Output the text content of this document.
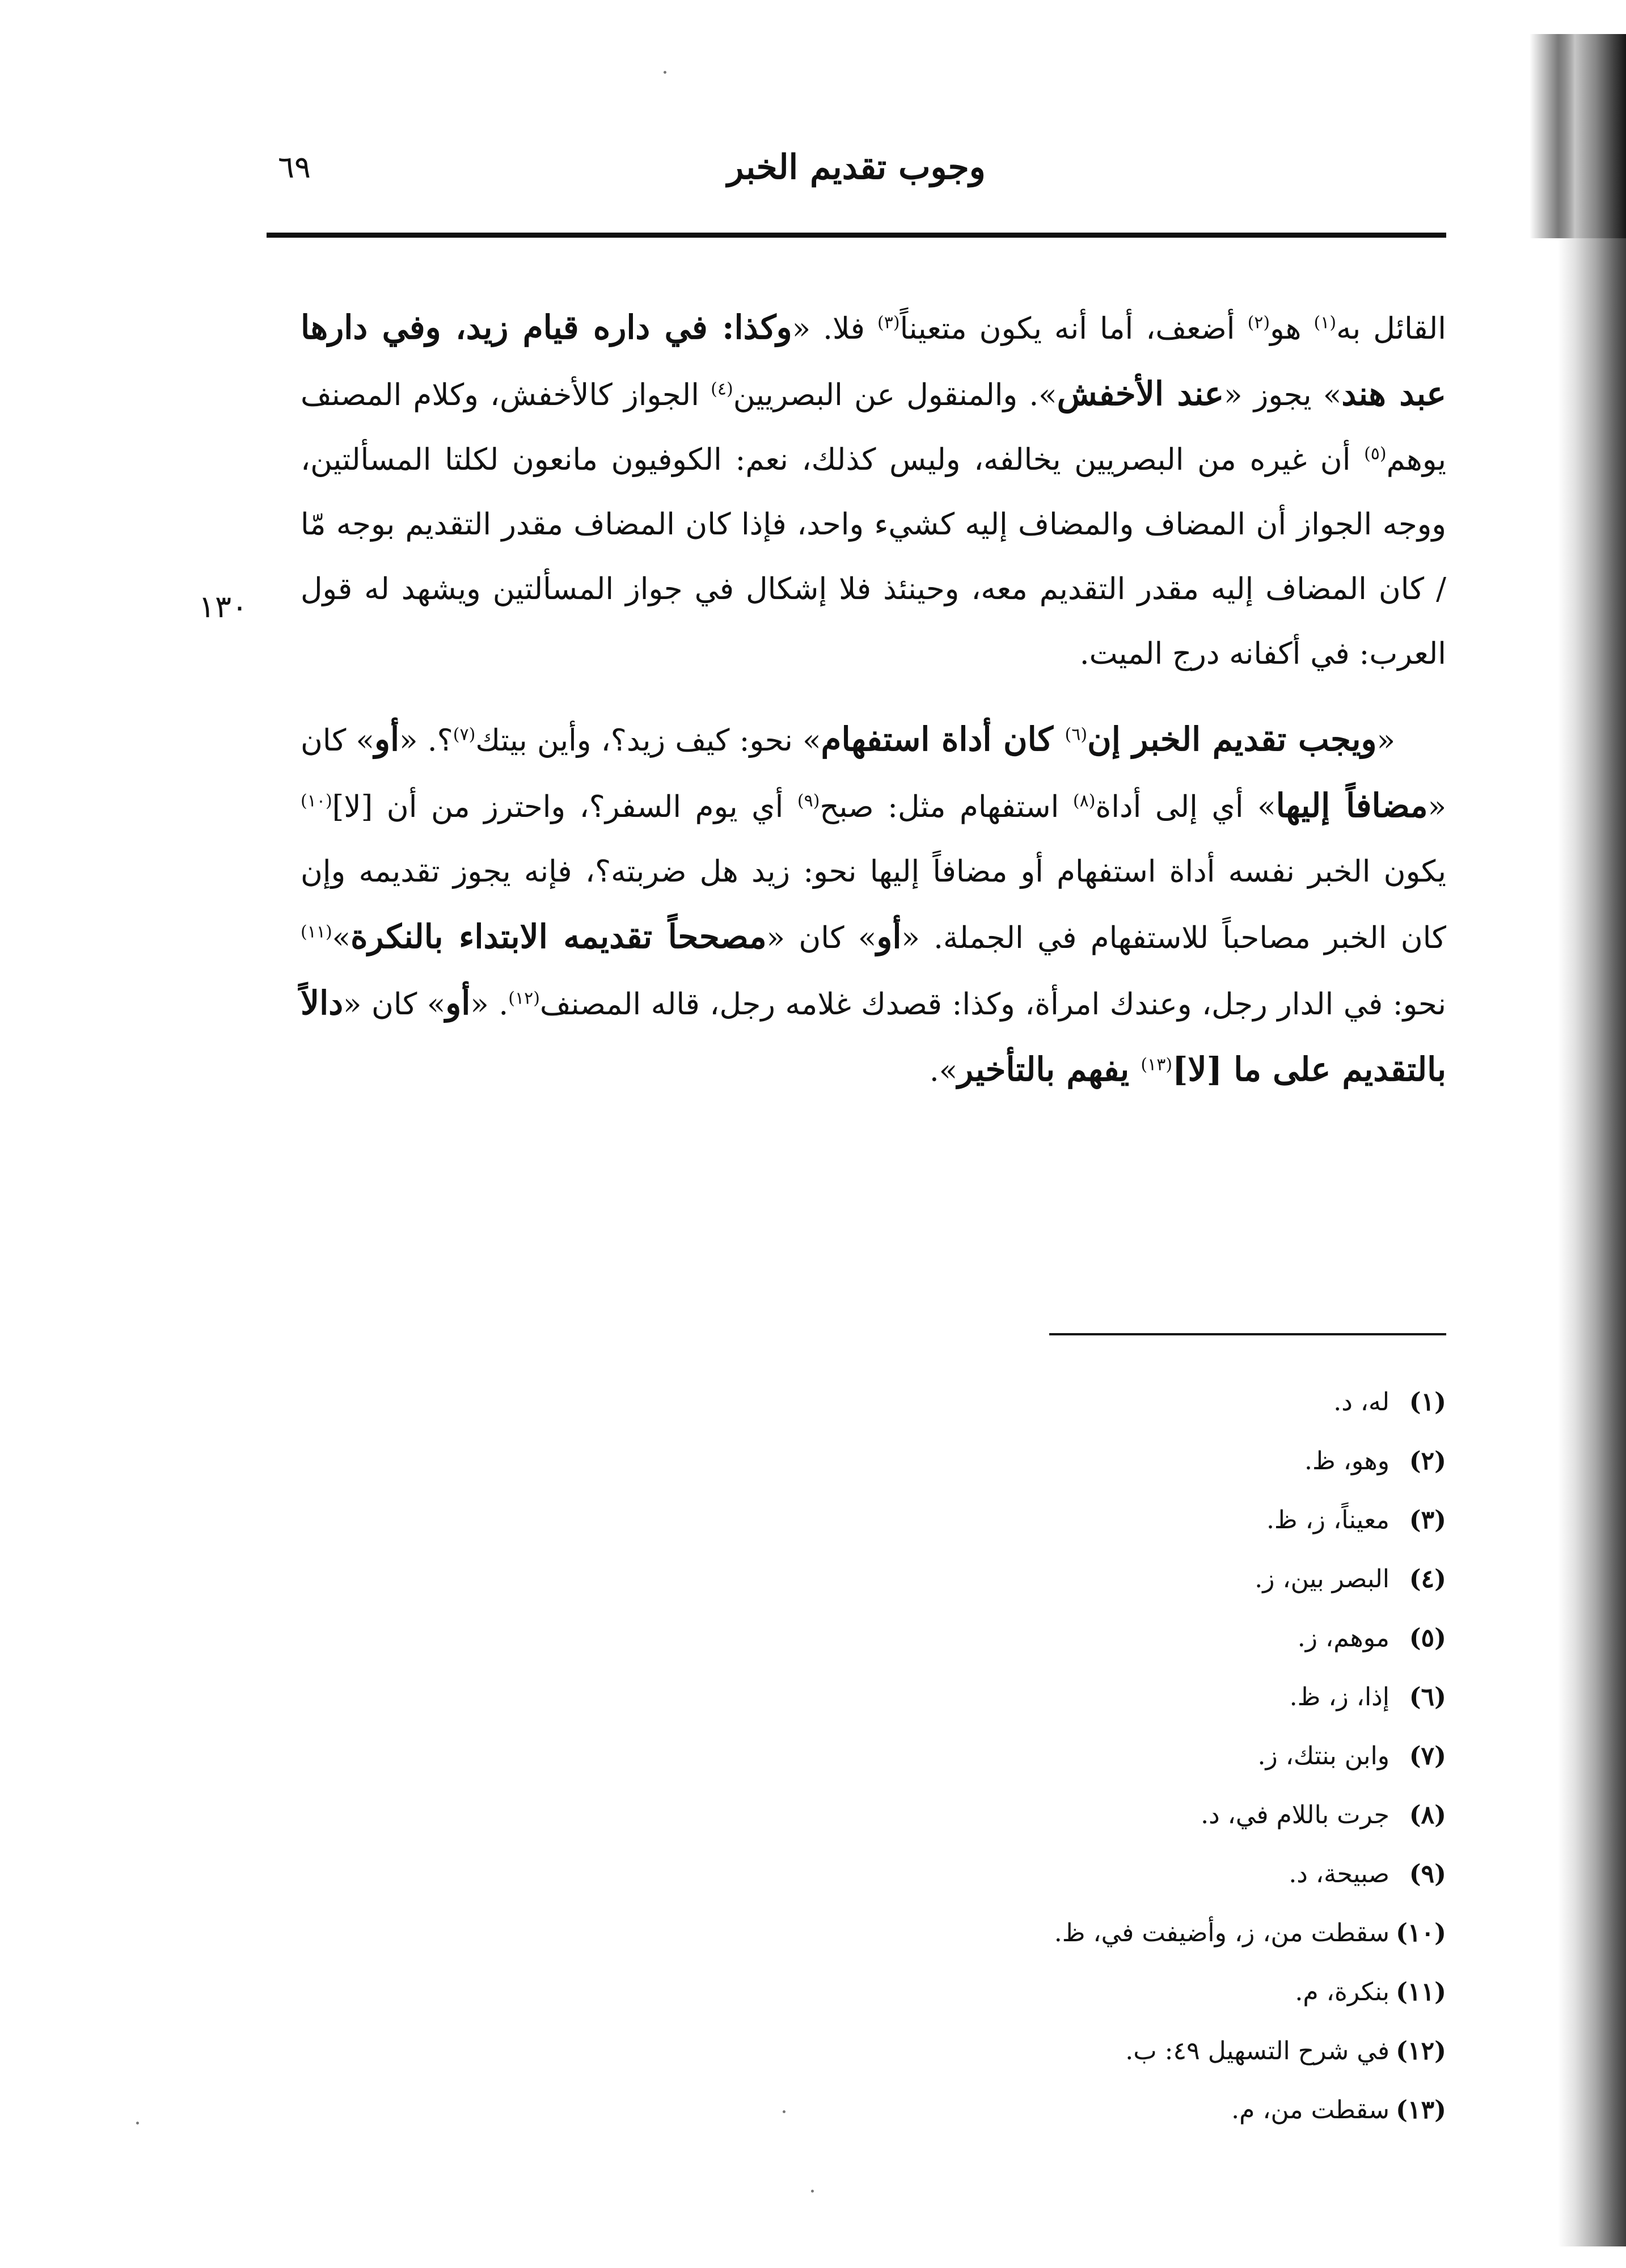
٦٩	وجوب تقديم الخبر
١٣٠

القائل به$^{(١)}$ هو$^{(٢)}$ أضعف، أما أنه يكون متعيناً$^{(٣)}$ فلا. «وكذا: في داره قيام زيد، وفي دارها عبد هند» يجوز «عند الأخفش». والمنقول عن البصريين$^{(٤)}$ الجواز كالأخفش، وكلام المصنف يوهم$^{(٥)}$ أن غيره من البصريين يخالفه، وليس كذلك، نعم: الكوفيون مانعون لكلتا المسألتين، ووجه الجواز أن المضاف والمضاف إليه كشيء واحد، فإذا كان المضاف مقدر التقديم بوجه مّا / كان المضاف إليه مقدر التقديم معه، وحينئذ فلا إشكال في جواز المسألتين ويشهد له قول العرب: في أكفانه درج الميت.

«ويجب تقديم الخبر إن$^{(٦)}$ كان أداة استفهام» نحو: كيف زيد؟، وأين بيتك$^{(٧)}$؟. «أو» كان «مضافاً إليها» أي إلى أداة$^{(٨)}$ استفهام مثل: صبح$^{(٩)}$ أي يوم السفر؟، واحترز من أن [لا]$^{(١٠)}$ يكون الخبر نفسه أداة استفهام أو مضافاً إليها نحو: زيد هل ضربته؟، فإنه يجوز تقديمه وإن كان الخبر مصاحباً للاستفهام في الجملة. «أو» كان «مصححاً تقديمه الابتداء بالنكرة»$^{(١١)}$ نحو: في الدار رجل، وعندك امرأة، وكذا: قصدك غلامه رجل، قاله المصنف$^{(١٢)}$. «أو» كان «دالاً بالتقديم على ما [لا]$^{(١٣)}$ يفهم بالتأخير».

(١)له، د.
(٢)وهو، ظ.
(٣)معيناً، ز، ظ.
(٤)البصر بين، ز.
(٥)موهم، ز.
(٦)إذا، ز، ظ.
(٧)وابن بنتك، ز.
(٨)جرت باللام في، د.
(٩)صبيحة، د.
(١٠)سقطت من، ز، وأضيفت في، ظ.
(١١)بنكرة، م.
(١٢)في شرح التسهيل ٤٩: ب.
(١٣)سقطت من، م.
